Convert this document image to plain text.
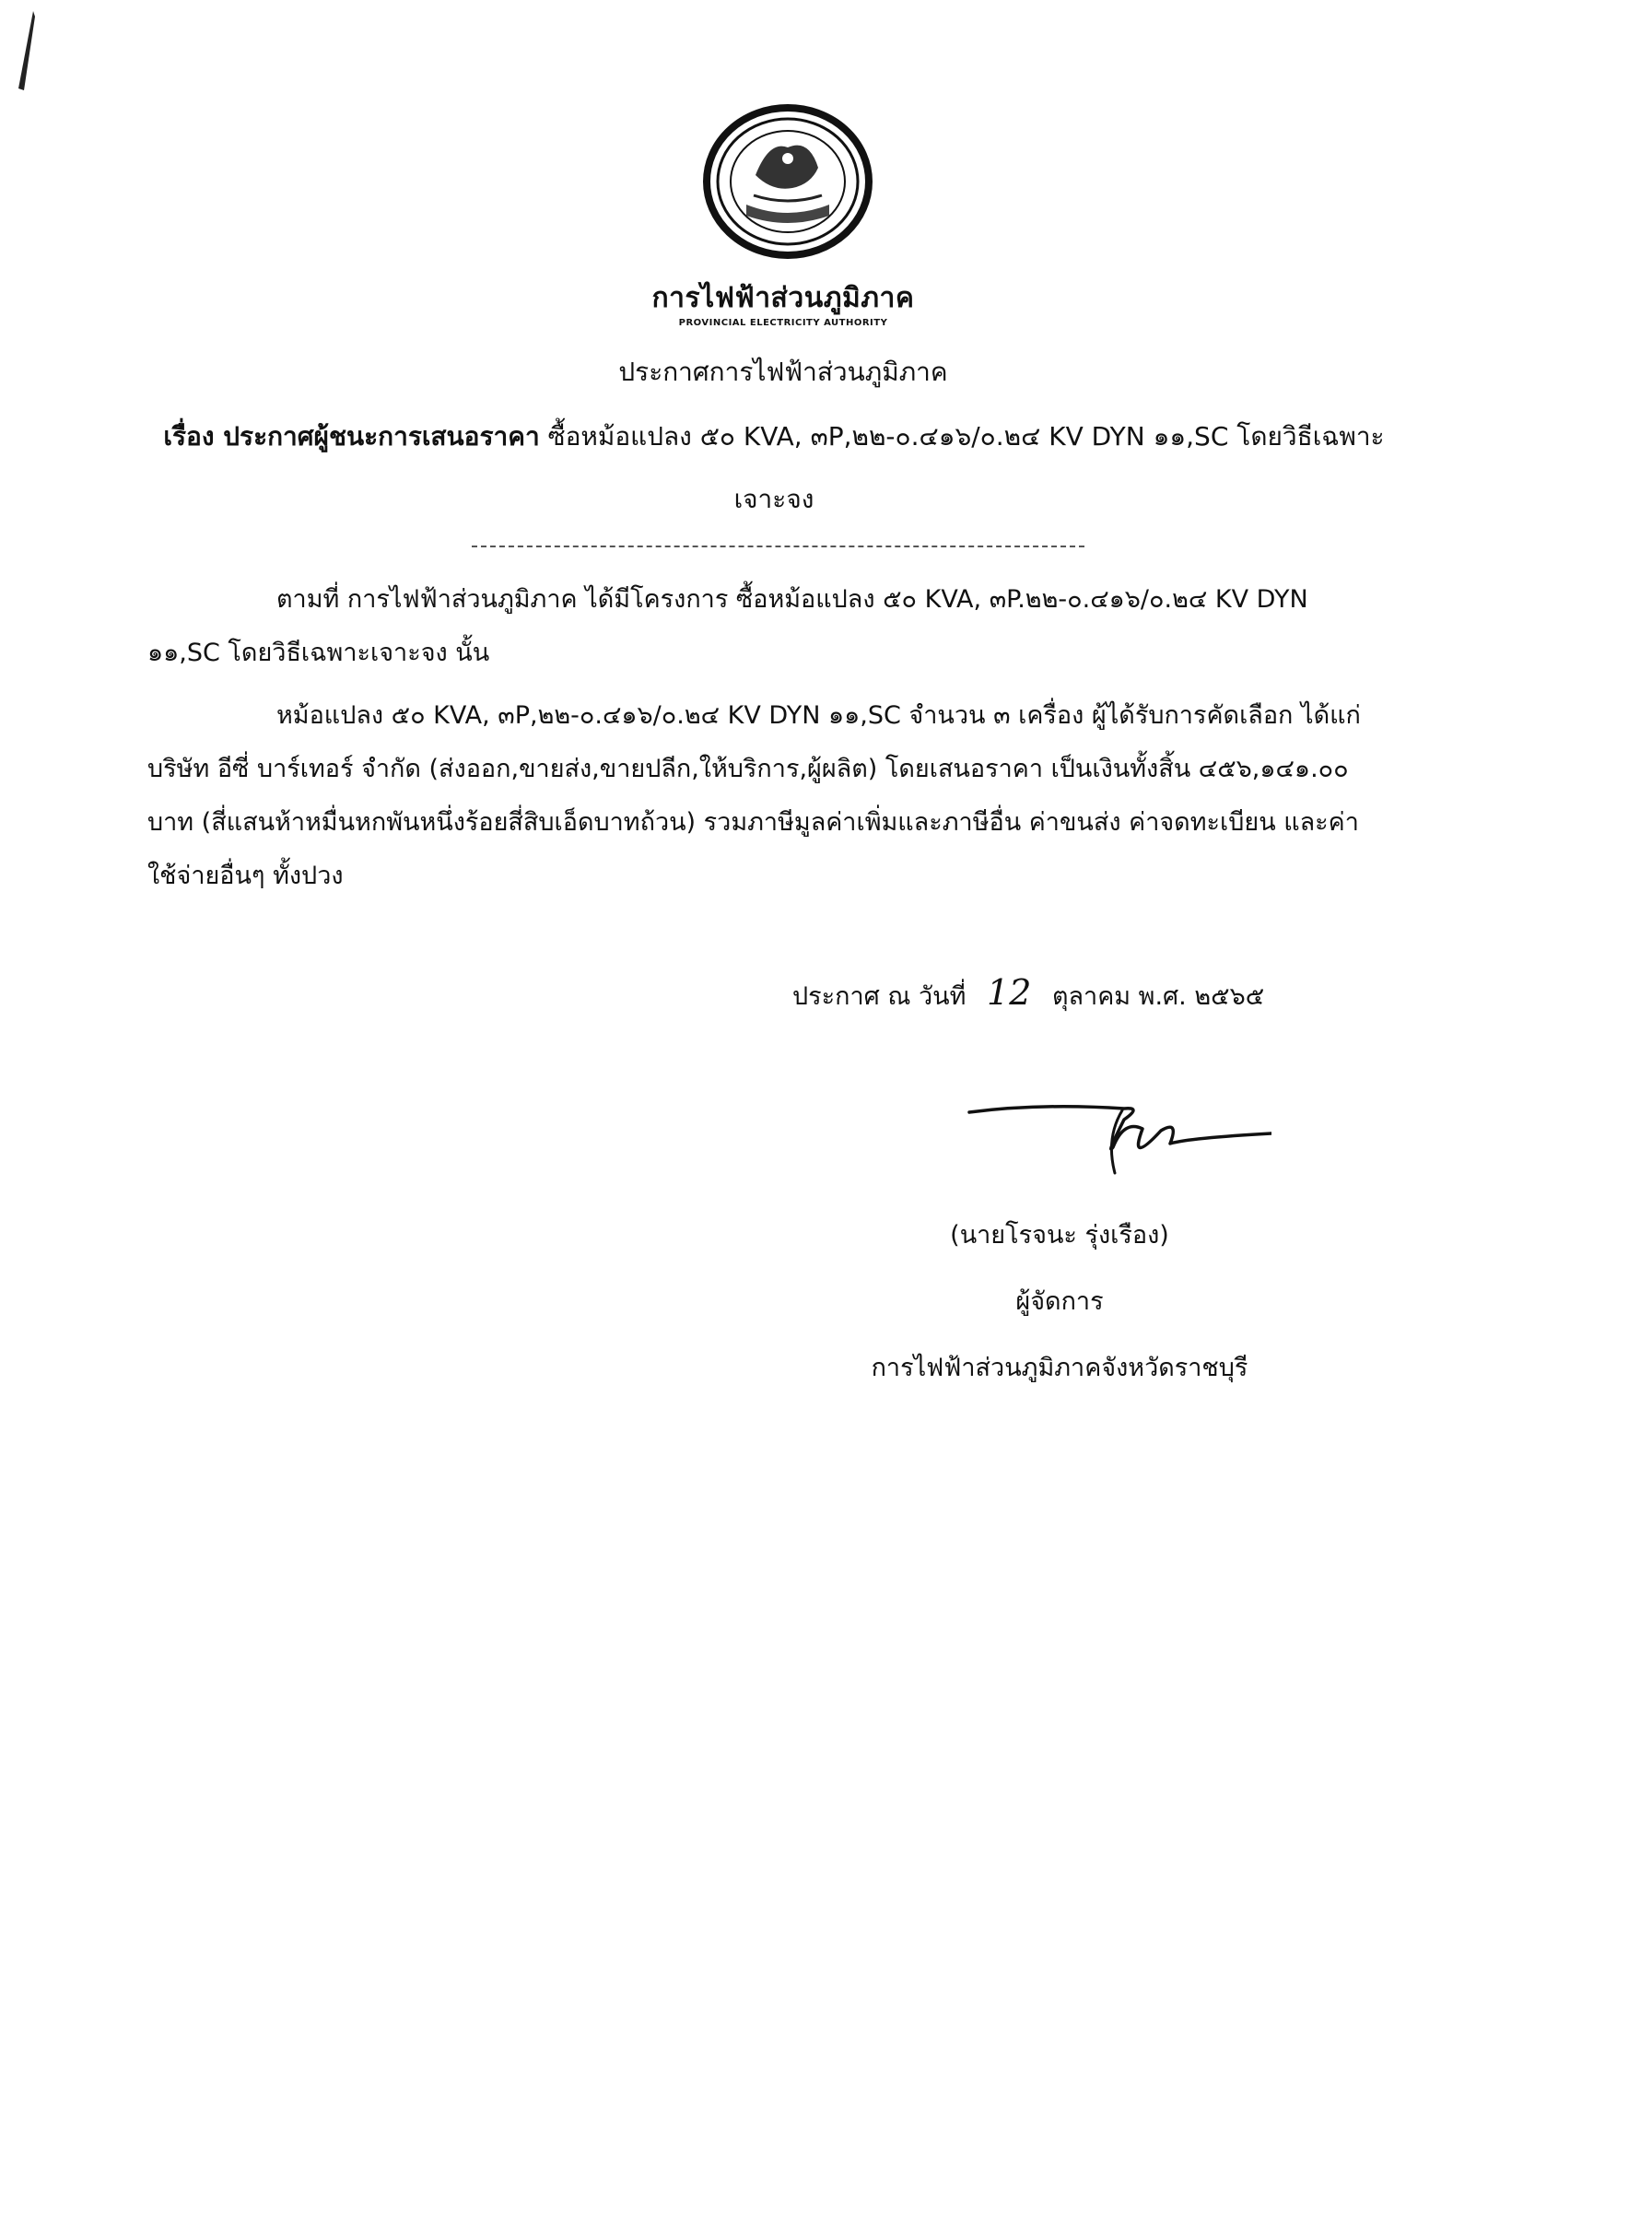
การไฟฟ้าส่วนภูมิภาค
PROVINCIAL ELECTRICITY AUTHORITY
ประกาศการไฟฟ้าส่วนภูมิภาค
เรื่อง ประกาศผู้ชนะการเสนอราคา ซื้อหม้อแปลง ๕๐ KVA, ๓P,๒๒-๐.๔๑๖/๐.๒๔ KV DYN ๑๑,SC โดยวิธีเฉพาะเจาะจง
ตามที่ การไฟฟ้าส่วนภูมิภาค ได้มีโครงการ ซื้อหม้อแปลง ๕๐ KVA, ๓P.๒๒-๐.๔๑๖/๐.๒๔ KV DYN ๑๑,SC โดยวิธีเฉพาะเจาะจง นั้น
หม้อแปลง ๕๐ KVA, ๓P,๒๒-๐.๔๑๖/๐.๒๔ KV DYN ๑๑,SC จำนวน ๓ เครื่อง ผู้ได้รับการคัดเลือก ได้แก่ บริษัท อีซี่ บาร์เทอร์ จำกัด (ส่งออก,ขายส่ง,ขายปลีก,ให้บริการ,ผู้ผลิต) โดยเสนอราคา เป็นเงินทั้งสิ้น ๔๕๖,๑๔๑.๐๐ บาท (สี่แสนห้าหมื่นหกพันหนึ่งร้อยสี่สิบเอ็ดบาทถ้วน) รวมภาษีมูลค่าเพิ่มและภาษีอื่น ค่าขนส่ง ค่าจดทะเบียน และค่าใช้จ่ายอื่นๆ ทั้งปวง
ประกาศ ณ วันที่ 12 ตุลาคม พ.ศ. ๒๕๖๕
(นายโรจนะ รุ่งเรือง)
ผู้จัดการ
การไฟฟ้าส่วนภูมิภาคจังหวัดราชบุรี
